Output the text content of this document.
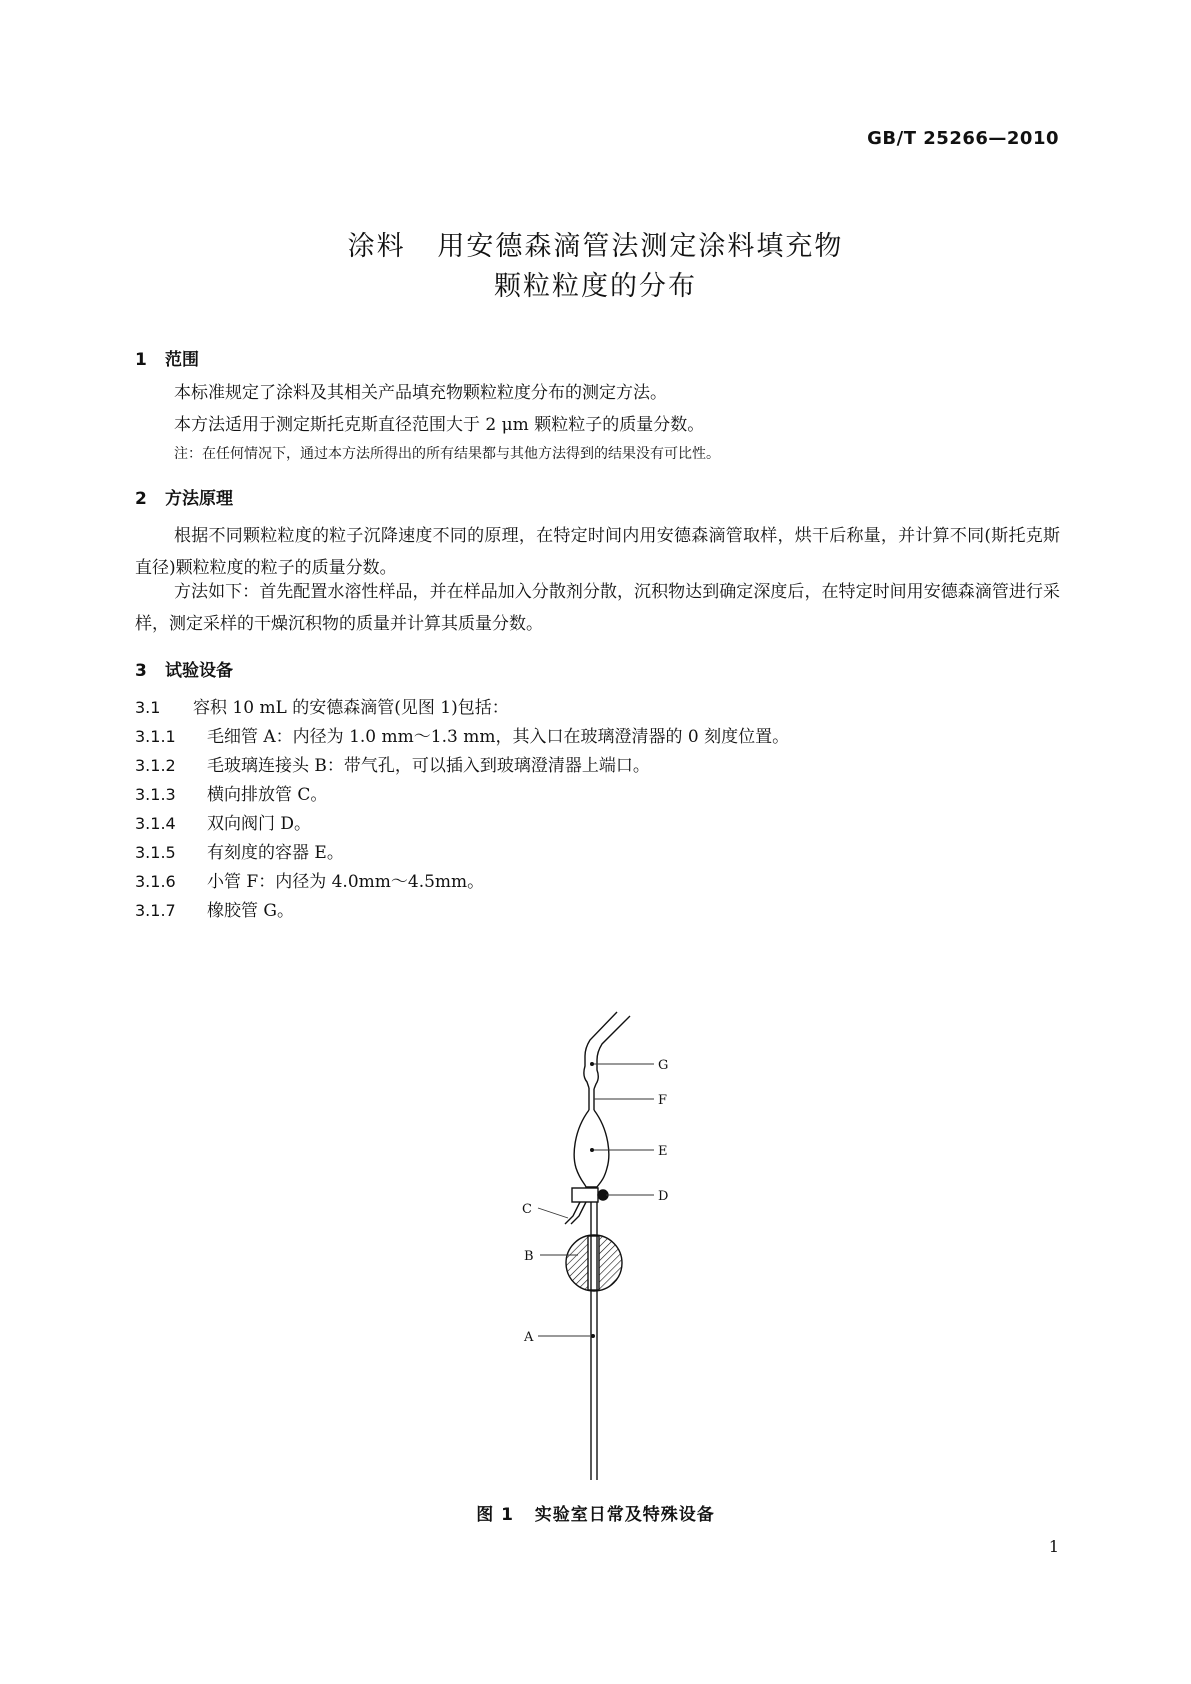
GB/T 25266—2010
涂料   用安德森滴管法测定涂料填充物
颗粒粒度的分布
1 范围
本标准规定了涂料及其相关产品填充物颗粒粒度分布的测定方法。
本方法适用于测定斯托克斯直径范围大于 2 μm 颗粒粒子的质量分数。
注：在任何情况下，通过本方法所得出的所有结果都与其他方法得到的结果没有可比性。
2 方法原理
根据不同颗粒粒度的粒子沉降速度不同的原理，在特定时间内用安德森滴管取样，烘干后称量，并计算不同(斯托克斯直径)颗粒粒度的粒子的质量分数。
方法如下：首先配置水溶性样品，并在样品加入分散剂分散，沉积物达到确定深度后，在特定时间用安德森滴管进行采样，测定采样的干燥沉积物的质量并计算其质量分数。
3 试验设备
3.1 容积 10 mL 的安德森滴管(见图 1)包括：
3.1.1 毛细管 A：内径为 1.0 mm～1.3 mm，其入口在玻璃澄清器的 0 刻度位置。
3.1.2 毛玻璃连接头 B：带气孔，可以插入到玻璃澄清器上端口。
3.1.3 横向排放管 C。
3.1.4 双向阀门 D。
3.1.5 有刻度的容器 E。
3.1.6 小管 F：内径为 4.0mm～4.5mm。
3.1.7 橡胶管 G。
G
F
E
D
C
B
A
图 1   实验室日常及特殊设备
1
